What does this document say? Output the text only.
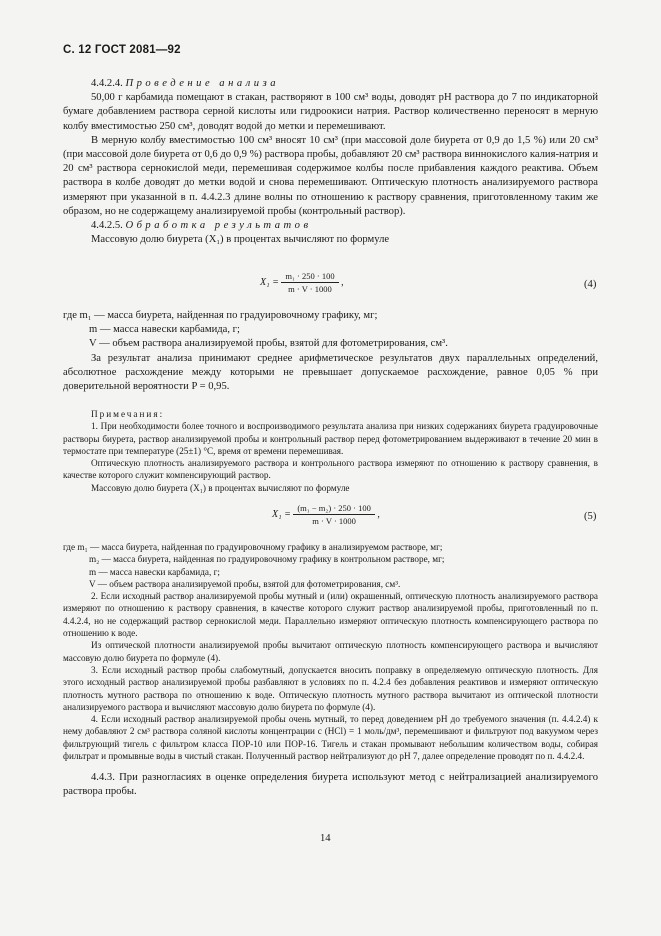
С. 12 ГОСТ 2081—92

4.4.2.4. Проведение анализа

50,00 г карбамида помещают в стакан, растворяют в 100 см³ воды, доводят pH раствора до 7 по индикаторной бумаге добавлением раствора серной кислоты или гидроокиси натрия. Раствор количественно переносят в мерную колбу вместимостью 250 см³, доводят водой до метки и перемешивают.

В мерную колбу вместимостью 100 см³ вносят 10 см³ (при массовой доле биурета от 0,9 до 1,5 %) или 20 см³ (при массовой доле биурета от 0,6 до 0,9 %) раствора пробы, добавляют 20 см³ раствора виннокислого калия-натрия и 20 см³ раствора сернокислой меди, перемешивая содержимое колбы после прибавления каждого реактива. Объем раствора в колбе доводят до метки водой и снова перемешивают. Оптическую плотность анализируемого раствора измеряют при указанной в п. 4.4.2.3 длине волны по отношению к раствору сравнения, приготовленному таким же образом, но не содержащему анализируемой пробы (контрольный раствор).

4.4.2.5. Обработка результатов

Массовую долю биурета (X₁) в процентах вычисляют по формуле

$X_1 = \frac{\text{m₁ · 250 · 100}}{m \cdot V \cdot 1000}$ ,	(4)

где m₁ — масса биурета, найденная по градуировочному графику, мг;

m — масса навески карбамида, г;

V — объем раствора анализируемой пробы, взятой для фотометрирования, см³.

За результат анализа принимают среднее арифметическое результатов двух параллельных определений, абсолютное расхождение между которыми не превышает допускаемое расхождение, равное 0,05 % при доверительной вероятности P = 0,95.

Примечания:

1. При необходимости более точного и воспроизводимого результата анализа при низких содержаниях биурета градуировочные растворы биурета, раствор анализируемой пробы и контрольный раствор перед фотометрированием выдерживают в течение 20 мин в термостате при температуре (25±1) °С, время от времени перемешивая.

Оптическую плотность анализируемого раствора и контрольного раствора измеряют по отношению к раствору сравнения, в качестве которого служит компенсирующий раствор.

Массовую долю биурета (X₁) в процентах вычисляют по формуле

$X_1 = \frac{\text{(m₁ − m₂) · 250 · 100}}{m \cdot V \cdot 1000}$ ,	(5)

где m₁ — масса биурета, найденная по градуировочному графику в анализируемом растворе, мг;

m₂ — масса биурета, найденная по градуировочному графику в контрольном растворе, мг;

m — масса навески карбамида, г;

V — объем раствора анализируемой пробы, взятой для фотометрирования, см³.

2. Если исходный раствор анализируемой пробы мутный и (или) окрашенный, оптическую плотность анализируемого раствора измеряют по отношению к раствору сравнения, в качестве которого служит раствор анализируемой пробы, приготовленный по п. 4.4.2.4, но не содержащий раствор сернокислой меди. Параллельно измеряют оптическую плотность компенсирующего раствора по отношению к воде.

Из оптической плотности анализируемой пробы вычитают оптическую плотность компенсирующего раствора и вычисляют массовую долю биурета по формуле (4).

3. Если исходный раствор пробы слабомутный, допускается вносить поправку в определяемую оптическую плотность. Для этого исходный раствор анализируемой пробы разбавляют в условиях по п. 4.2.4 без добавления реактивов и измеряют оптическую плотность мутного раствора по отношению к воде. Оптическую плотность мутного раствора вычитают из оптической плотности анализируемого раствора и вычисляют массовую долю биурета по формуле (4).

4. Если исходный раствор анализируемой пробы очень мутный, то перед доведением pH до требуемого значения (п. 4.4.2.4) к нему добавляют 2 см³ раствора соляной кислоты концентрации с (HCl) = 1 моль/дм³, перемешивают и фильтруют под вакуумом через фильтрующий тигель с фильтром класса ПОР-10 или ПОР-16. Тигель и стакан промывают небольшим количеством воды, собирая фильтрат и промывные воды в чистый стакан. Полученный раствор нейтрализуют до pH 7, далее определение проводят по п. 4.4.2.4.

4.4.3. При разногласиях в оценке определения биурета используют метод с нейтрализацией анализируемого раствора пробы.

14
